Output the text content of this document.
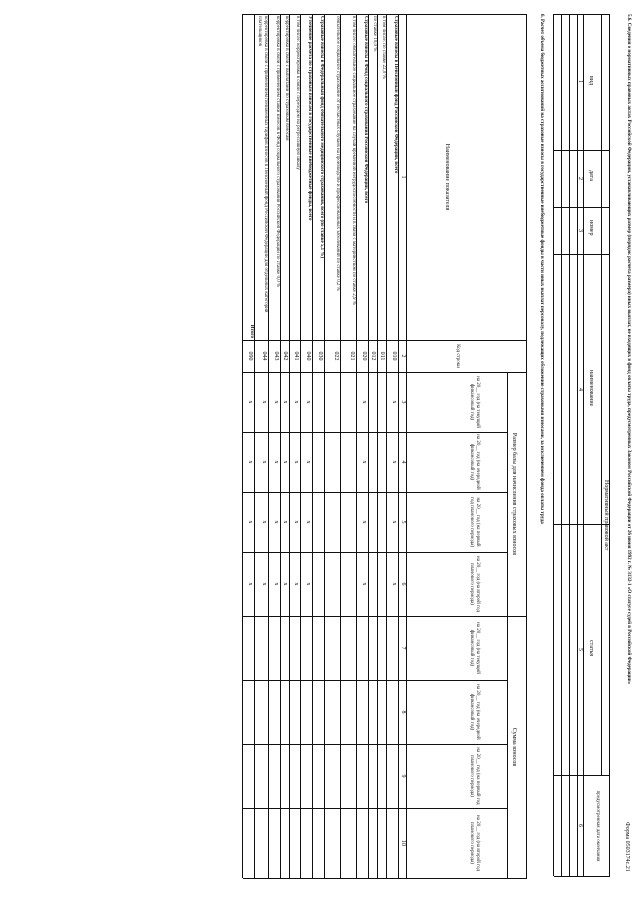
Форма 0503174с.21
5.6. Сведения о нормативных правовых актах Российской Федерации, устанавливающих размер (порядок расчета размера) иных выплат, не входящих в фонд оплаты труда, предусмотренных Законом Российской Федерации от 26 июня 1992 г. № 3132-1 «О статусе судей в Российской Федерации»
Нормативный правовой акт
вид
дата
номер
наименование
статья
предусмотренная дата окончания
1
2
3
4
5
6
6. Расчет объема бюджетных ассигнований на страховые взносы в государственные внебюджетные фонды в части иных выплат персоналу, подлежащих обложению страховыми взносами, за исключением фонда оплаты труда
Наименование показателя
Код строки
Размер базы для начисления страховых взносов
Сумма взносов
на 20__ год (на текущий финансовый год)
на 20__ год (на очередной финансовый год)
на 20__ год (на первый год планового периода)
на 20__ год (на второй год планового периода)
на 20__ год (на текущий финансовый год)
на 20__ год (на очередной финансовый год)
на 20__ год (на первый год планового периода)
на 20__ год (на второй год планового периода)
1
2
3
4
5
6
7
8
9
10
Страховые взносы в Пенсионный фонд Российской Федерации, всего
010
x
x
x
x
в том числе: по ставке 22,0 %
011
по ставке 10,0 %
012
Страховые взносы в Фонд социального страхования Российской Федерации, всего
020
x
x
x
x
в том числе: обязательное социальное страхование на случай временной нетрудоспособности и в связи с материнством по ставке 2,9 %
021
обязательное социальное страхование от несчастных случаев на производстве и профессиональных заболеваний по ставке 0,2 %
022
Страховые взносы в Федеральный фонд обязательного медицинского страхования, всего (по ставке 5,1 %)
030
Уточнение расчета по страховым взносам в государственные внебюджетные фонды, всего
040
x
x
x
x
в том числе: корректировка в связи с переходом на регрессивную шкалу
041
x
x
x
x
корректировка в связи с выплатами по страховым взносам
042
x
x
x
x
корректировка в связи с применением ставки взносов в Фонд социального страхования Российской Федерации по ставке 0,0 %
043
x
x
x
x
корректировка в связи с применением пониженных тарифов взносов в Пенсионный фонд Российской Федерации для отдельных категорий плательщиков
044
x
x
x
x
Итого
090
x
x
x
x
